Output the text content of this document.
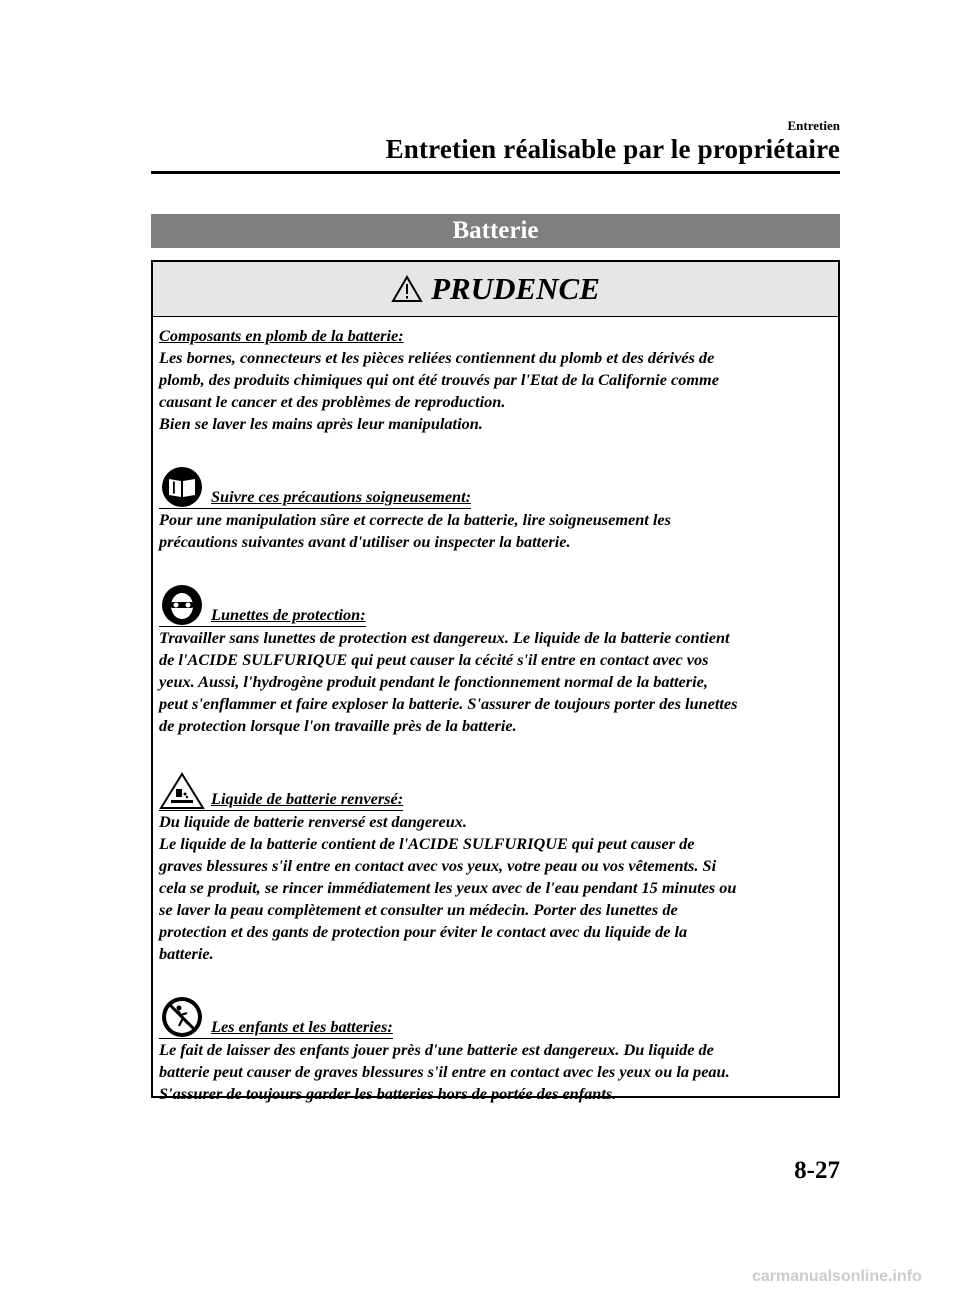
Entretien
Entretien réalisable par le propriétaire
Batterie
PRUDENCE
Composants en plomb de la batterie:
Les bornes, connecteurs et les pièces reliées contiennent du plomb et des dérivés de
plomb, des produits chimiques qui ont été trouvés par l'Etat de la Californie comme
causant le cancer et des problèmes de reproduction.
Bien se laver les mains après leur manipulation.
Suivre ces précautions soigneusement:
Pour une manipulation sûre et correcte de la batterie, lire soigneusement les
précautions suivantes avant d'utiliser ou inspecter la batterie.
Lunettes de protection:
Travailler sans lunettes de protection est dangereux. Le liquide de la batterie contient
de l'ACIDE SULFURIQUE qui peut causer la cécité s'il entre en contact avec vos
yeux. Aussi, l'hydrogène produit pendant le fonctionnement normal de la batterie,
peut s'enflammer et faire exploser la batterie. S'assurer de toujours porter des lunettes
de protection lorsque l'on travaille près de la batterie.
Liquide de batterie renversé:
Du liquide de batterie renversé est dangereux.
Le liquide de la batterie contient de l'ACIDE SULFURIQUE qui peut causer de
graves blessures s'il entre en contact avec vos yeux, votre peau ou vos vêtements. Si
cela se produit, se rincer immédiatement les yeux avec de l'eau pendant 15 minutes ou
se laver la peau complètement et consulter un médecin. Porter des lunettes de
protection et des gants de protection pour éviter le contact avec du liquide de la
batterie.
Les enfants et les batteries:
Le fait de laisser des enfants jouer près d'une batterie est dangereux. Du liquide de
batterie peut causer de graves blessures s'il entre en contact avec les yeux ou la peau.
S'assurer de toujours garder les batteries hors de portée des enfants.
8-27
carmanualsonline.info
